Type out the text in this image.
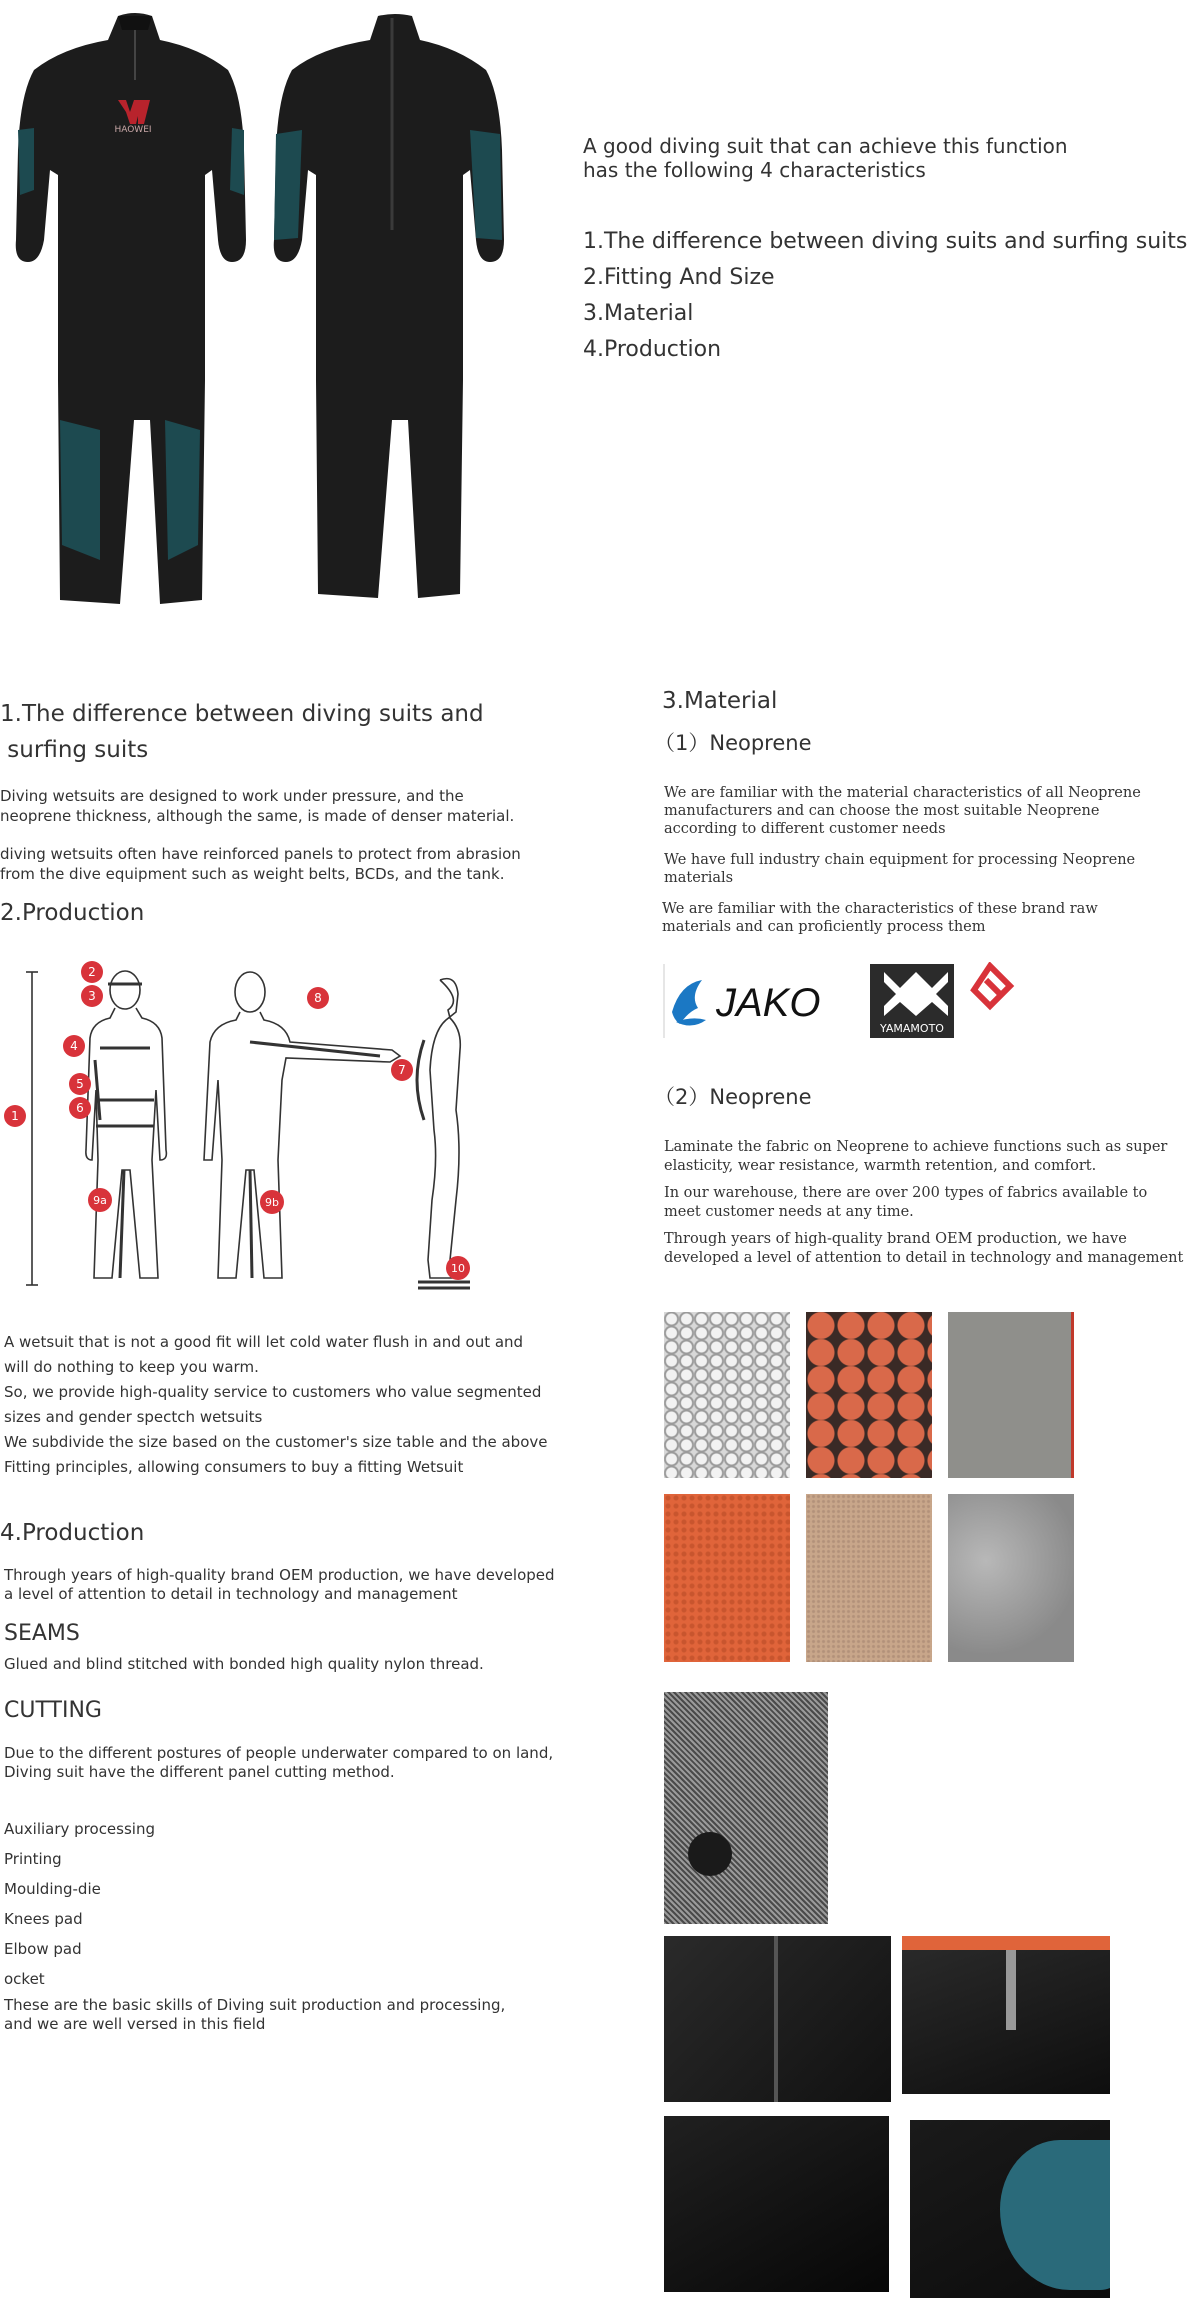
HAOWEI
A good diving suit that can achieve this function
has the following 4 characteristics
1.The difference between diving suits and surfing suits
2.Fitting And Size
3.Material
4.Production
1.The difference between diving suits and
surfing suits
Diving wetsuits are designed to work under pressure, and the
neoprene thickness, although the same, is made of denser material.
diving wetsuits often have reinforced panels to protect from abrasion
from the dive equipment such as weight belts, BCDs, and the tank.
2.Production
1
2
3
4
5
6
7
8
9a	9b
10
A wetsuit that is not a good fit will let cold water flush in and out and
will do nothing to keep you warm.
So, we provide high-quality service to customers who value segmented
sizes and gender spectch wetsuits
We subdivide the size based on the customer's size table and the above
Fitting principles, allowing consumers to buy a fitting Wetsuit
4.Production
Through years of high-quality brand OEM production, we have developed
a level of attention to detail in technology and management
SEAMS
Glued and blind stitched with bonded high quality nylon thread.
CUTTING
Due to the different postures of people underwater compared to on land,
Diving suit have the different panel cutting method.
Auxiliary processing
Printing
Moulding-die
Knees pad
Elbow pad
ocket
These are the basic skills of Diving suit production and processing,
and we are well versed in this field
3.Material
（1）Neoprene
We are familiar with the material characteristics of all Neoprene
manufacturers and can choose the most suitable Neoprene
according to different customer needs
We have full industry chain equipment for processing Neoprene
materials
We are familiar with the characteristics of these brand raw
materials and can proficiently process them
JAKO
YAMAMOTO
（2）Neoprene
Laminate the fabric on Neoprene to achieve functions such as super
elasticity, wear resistance, warmth retention, and comfort.
In our warehouse, there are over 200 types of fabrics available to
meet customer needs at any time.
Through years of high-quality brand OEM production, we have
developed a level of attention to detail in technology and management
